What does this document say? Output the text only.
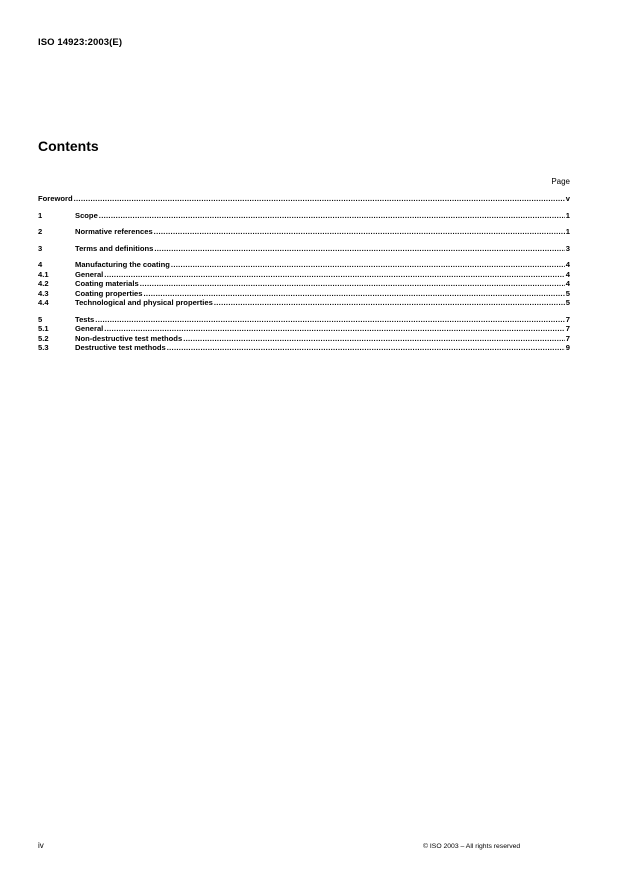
ISO 14923:2003(E)
Contents
Page
Foreword .....	v
1	Scope .....	1
2	Normative references .....	1
3	Terms and definitions .....	3
4	Manufacturing the coating .....	4
4.1	General .....	4
4.2	Coating materials .....	4
4.3	Coating properties .....	5
4.4	Technological and physical properties .....	5
5	Tests .....	7
5.1	General .....	7
5.2	Non-destructive test methods .....	7
5.3	Destructive test methods .....	9
iv	© ISO 2003 – All rights reserved
